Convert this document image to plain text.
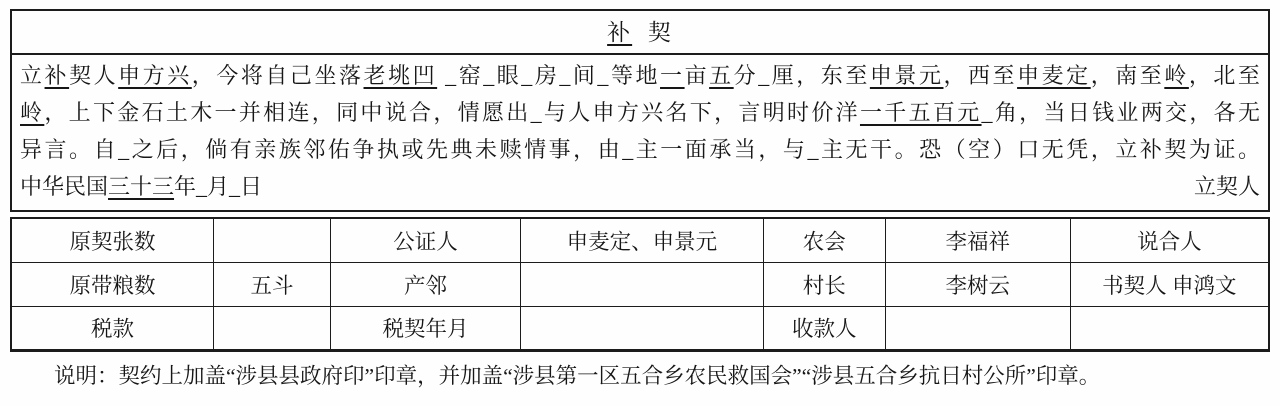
补 契
立补契人申方兴，今将自己坐落老垗凹 _窑_眼_房_间_等地一亩五分_厘，东至申景元，西至申麦定，南至岭，北至
岭，上下金石土木一并相连，同中说合，情愿出_与人申方兴名下，言明时价洋一千五百元_角，当日钱业两交，各无
异言。自_之后，倘有亲族邻佑争执或先典未赎情事，由_主一面承当，与_主无干。恐（空）口无凭，立补契为证。
中华民国三十三年_月_日	立契人
原契张数		公证人	申麦定、申景元	农会	李福祥	说合人
原带粮数	五斗	产邻		村长	李树云	书契人 申鸿文
税款		税契年月		收款人		
说明：契约上加盖“涉县县政府印”印章，并加盖“涉县第一区五合乡农民救国会”“涉县五合乡抗日村公所”印章。
